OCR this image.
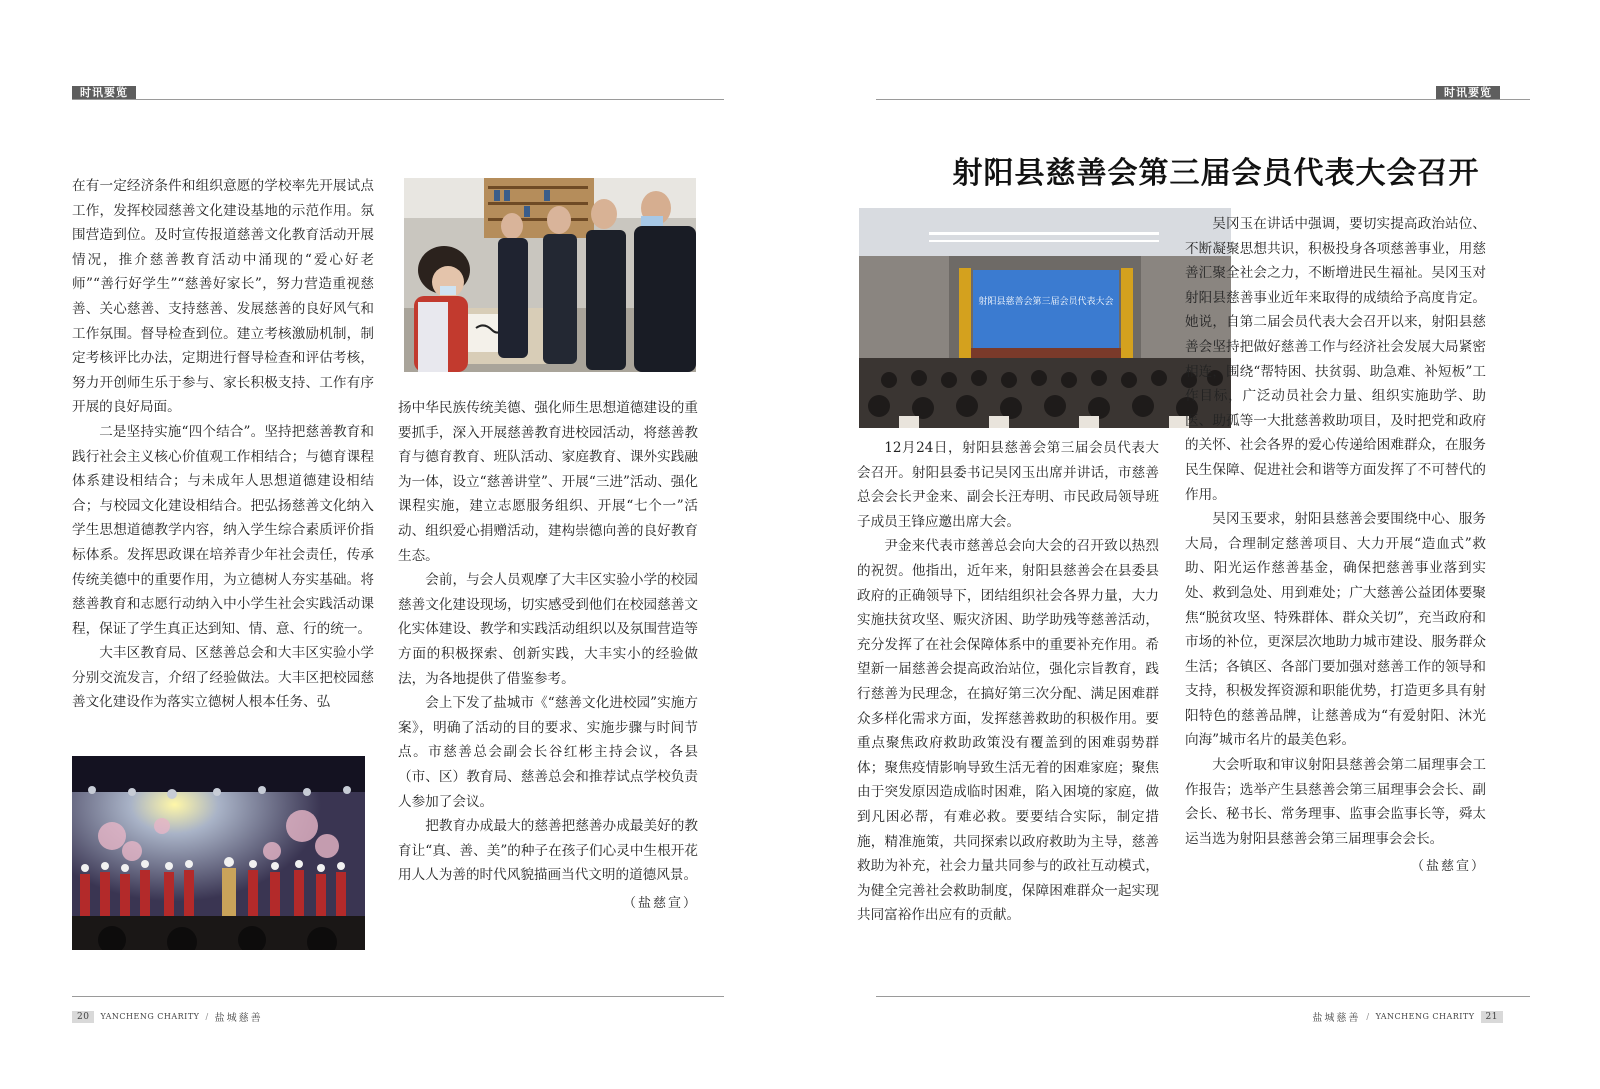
时讯要览

在有一定经济条件和组织意愿的学校率先开展试点工作，发挥校园慈善文化建设基地的示范作用。氛围营造到位。及时宣传报道慈善文化教育活动开展情况，推介慈善教育活动中涌现的“爱心好老师”“善行好学生”“慈善好家长”，努力营造重视慈善、关心慈善、支持慈善、发展慈善的良好风气和工作氛围。督导检查到位。建立考核激励机制，制定考核评比办法，定期进行督导检查和评估考核，努力开创师生乐于参与、家长积极支持、工作有序开展的良好局面。

二是坚持实施“四个结合”。坚持把慈善教育和践行社会主义核心价值观工作相结合；与德育课程体系建设相结合；与未成年人思想道德建设相结合；与校园文化建设相结合。把弘扬慈善文化纳入学生思想道德教学内容，纳入学生综合素质评价指标体系。发挥思政课在培养青少年社会责任，传承传统美德中的重要作用，为立德树人夯实基础。将慈善教育和志愿行动纳入中小学生社会实践活动课程，保证了学生真正达到知、情、意、行的统一。

大丰区教育局、区慈善总会和大丰区实验小学分别交流发言，介绍了经验做法。大丰区把校园慈善文化建设作为落实立德树人根本任务、弘

扬中华民族传统美德、强化师生思想道德建设的重要抓手，深入开展慈善教育进校园活动，将慈善教育与德育教育、班队活动、家庭教育、课外实践融为一体，设立“慈善讲堂”、开展“三进”活动、强化课程实施，建立志愿服务组织、开展“七个一”活动、组织爱心捐赠活动，建构崇德向善的良好教育生态。

会前，与会人员观摩了大丰区实验小学的校园慈善文化建设现场，切实感受到他们在校园慈善文化实体建设、教学和实践活动组织以及氛围营造等方面的积极探索、创新实践，大丰实小的经验做法，为各地提供了借鉴参考。

会上下发了盐城市《“慈善文化进校园”实施方案》，明确了活动的目的要求、实施步骤与时间节点。市慈善总会副会长谷红彬主持会议，各县（市、区）教育局、慈善总会和推荐试点学校负责人参加了会议。

把教育办成最大的慈善把慈善办成最美好的教育让“真、善、美”的种子在孩子们心灵中生根开花用人人为善的时代风貌描画当代文明的道德风景。

（盐慈宣）

20	YANCHENG CHARITY / 盐城慈善
时讯要览
射阳县慈善会第三届会员代表大会召开
射阳县慈善会第三届会员代表大会

12月24日，射阳县慈善会第三届会员代表大会召开。射阳县委书记吴冈玉出席并讲话，市慈善总会会长尹金来、副会长汪寿明、市民政局领导班子成员王锋应邀出席大会。

尹金来代表市慈善总会向大会的召开致以热烈的祝贺。他指出，近年来，射阳县慈善会在县委县政府的正确领导下，团结组织社会各界力量，大力实施扶贫攻坚、赈灾济困、助学助残等慈善活动，充分发挥了在社会保障体系中的重要补充作用。希望新一届慈善会提高政治站位，强化宗旨教育，践行慈善为民理念，在搞好第三次分配、满足困难群众多样化需求方面，发挥慈善救助的积极作用。要重点聚焦政府救助政策没有覆盖到的困难弱势群体；聚焦疫情影响导致生活无着的困难家庭；聚焦由于突发原因造成临时困难，陷入困境的家庭，做到凡困必帮，有难必救。要要结合实际，制定措施，精准施策，共同探索以政府救助为主导，慈善救助为补充，社会力量共同参与的政社互动模式，为健全完善社会救助制度，保障困难群众一起实现共同富裕作出应有的贡献。

吴冈玉在讲话中强调，要切实提高政治站位、不断凝聚思想共识，积极投身各项慈善事业，用慈善汇聚全社会之力，不断增进民生福祉。吴冈玉对射阳县慈善事业近年来取得的成绩给予高度肯定。她说，自第二届会员代表大会召开以来，射阳县慈善会坚持把做好慈善工作与经济社会发展大局紧密相连，围绕“帮特困、扶贫弱、助急难、补短板”工作目标，广泛动员社会力量、组织实施助学、助医、助孤等一大批慈善救助项目，及时把党和政府的关怀、社会各界的爱心传递给困难群众，在服务民生保障、促进社会和谐等方面发挥了不可替代的作用。

吴冈玉要求，射阳县慈善会要围绕中心、服务大局，合理制定慈善项目、大力开展“造血式”救助、阳光运作慈善基金，确保把慈善事业落到实处、救到急处、用到难处；广大慈善公益团体要聚焦“脱贫攻坚、特殊群体、群众关切”，充当政府和市场的补位，更深层次地助力城市建设、服务群众生活；各镇区、各部门要加强对慈善工作的领导和支持，积极发挥资源和职能优势，打造更多具有射阳特色的慈善品牌，让慈善成为“有爱射阳、沐光向海”城市名片的最美色彩。

大会听取和审议射阳县慈善会第二届理事会工作报告；选举产生县慈善会第三届理事会会长、副会长、秘书长、常务理事、监事会监事长等，舜太运当选为射阳县慈善会第三届理事会会长。

（盐慈宣）

盐城慈善 / YANCHENG CHARITY	21
